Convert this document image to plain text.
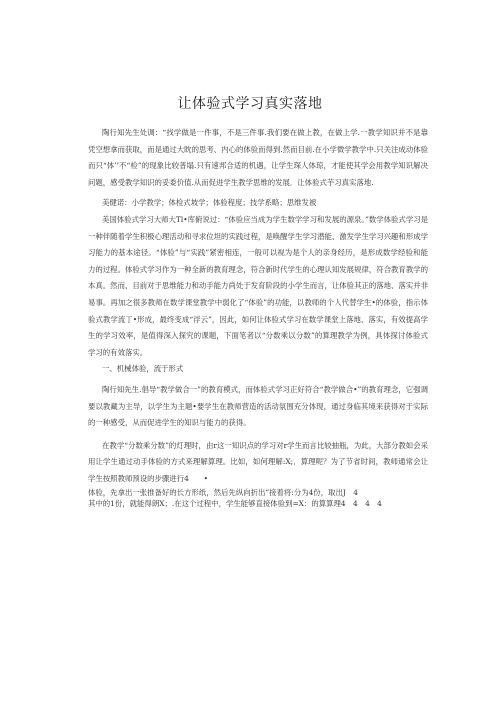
让体验式学习真实落地

陶行知先生处调：“找学做是一件事，不是三件事.我们要在做上教，在做上学.一教学知识并不是靠凭空想拿而获取，而是通过大眈的思考、内心的体验而得到.然而目前.在小学微学教学中.只关注成动体验而只“体’’不“检”的现象比较普塌.只有速邦合适的机遇，让学生琛人体琼，才能使其学会用教学知识解决问题，感受教学知识的妥委价值.从而促进学生教学思维的发展．让体验式芋习真实落地.

美健诺：小学教学；体检式坡学；体验程度；技学系略；思维发被

美国体验式学习大师大Tl•库俯说过：“体验应当成为学生数学学习和发展的源泉。”数学体验式学习是一种伴随着学生积极心理活动和寻求位坦的实践过程，是唤醒学生学习潜能、激发学生学习兴趣和形成学习能力的基本途径。“体验”与“实践”紧密相连，一般可以视为是个人的亲身经历，是形成数学经验和能力的过程。体验式学习作为一种全新的教育理念，符合新时代学生的心理认知发展规律，符合教育教学的本真。然而，目前对于思维能力和动手能力尚处于发育阶段的小学生而言，让体验其正的落地、落实并非易事。再加之很多教师在数学课堂教学中弱化了“体验”的功能，以教师的个人代替学生•的体验，指示体验式教学流丁•形成，最终变成“浮云”，因此，如何让体验式学习在数学课堂上落地、落实，有效提高学生的学习效率，是值得深入探究的课题，下面笔者以“分数乘以分数”的算理教学为例，具体探讨体验式学习的有效落实。

一、机械体验，流于形式

陶行知先生.倡导“教学做合一”的教育模式，而体验式学习正好符合“教学做合•”的教育理念，它强调要以教藏为主导，以学生为主题•要学生在教师营造的活动氛围充分体现，通过身临其境来获得对于实际的一种感受，从而促进学生的知识与能力的获得。

在教学“分数乘分数”的灯理时，由r这一知识点的学习对r学生而言比较抽瓶，为此，大部分教如会采用让学生通过动手体验的方式来理解算理。比如，如何理解:X;．算理呢？为了节省时间，教师通常会让学生按照教师预设的步骤进行4　　•

体验，先拿出一张推备好的长方形纸，然后先纵向折出”接着将:分为4份，取出J　4

其中的1份，就能得朗X；.在这个过程中，学生能够直接体验到=X：的算算理4　4　4　4
